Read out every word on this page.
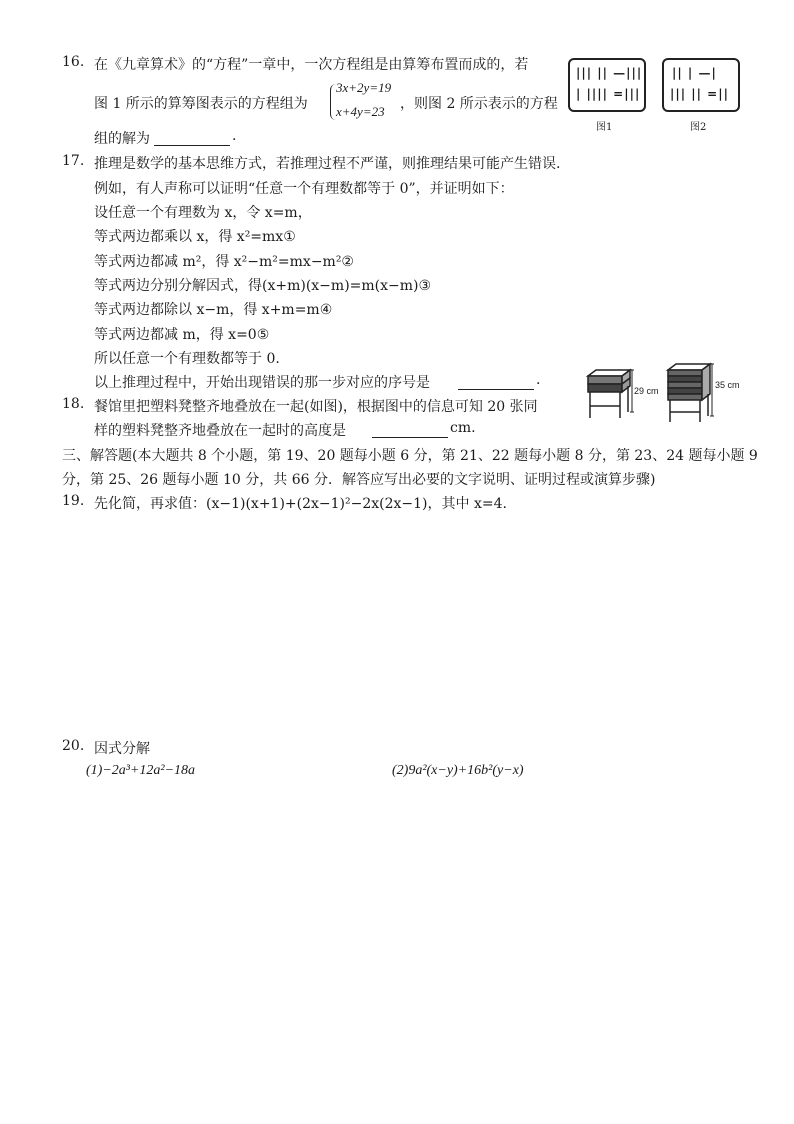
16. 在《九章算术》的“方程”一章中，一次方程组是由算筹布置而成的，若
图 1 所示的算筹图表示的方程组为
3x+2y=19
x+4y=23 ，则图 2 所示表示的方程
组的解为	.
||| || —|||
| |||| =|||
图1
|| | —|
||| || =||
图2
17. 推理是数学的基本思维方式，若推理过程不严谨，则推理结果可能产生错误.
例如，有人声称可以证明“任意一个有理数都等于 0”，并证明如下：
设任意一个有理数为 x，令 x=m，
等式两边都乘以 x，得 x²=mx①
等式两边都减 m²，得 x²−m²=mx−m²②
等式两边分别分解因式，得(x+m)(x−m)=m(x−m)③
等式两边都除以 x−m，得 x+m=m④
等式两边都减 m，得 x=0⑤
所以任意一个有理数都等于 0.
以上推理过程中，开始出现错误的那一步对应的序号是	.
18. 餐馆里把塑料凳整齐地叠放在一起(如图)，根据图中的信息可知 20 张同
样的塑料凳整齐地叠放在一起时的高度是	cm.
29 cm
35 cm
三、解答题(本大题共 8 个小题，第 19、20 题每小题 6 分，第 21、22 题每小题 8 分，第 23、24 题每小题 9
分，第 25、26 题每小题 10 分，共 66 分．解答应写出必要的文字说明、证明过程或演算步骤)
19. 先化简，再求值：(x−1)(x+1)+(2x−1)²−2x(2x−1)，其中 x=4.
20. 因式分解
(1)−2a³+12a²−18a	(2)9a²(x−y)+16b²(y−x)
